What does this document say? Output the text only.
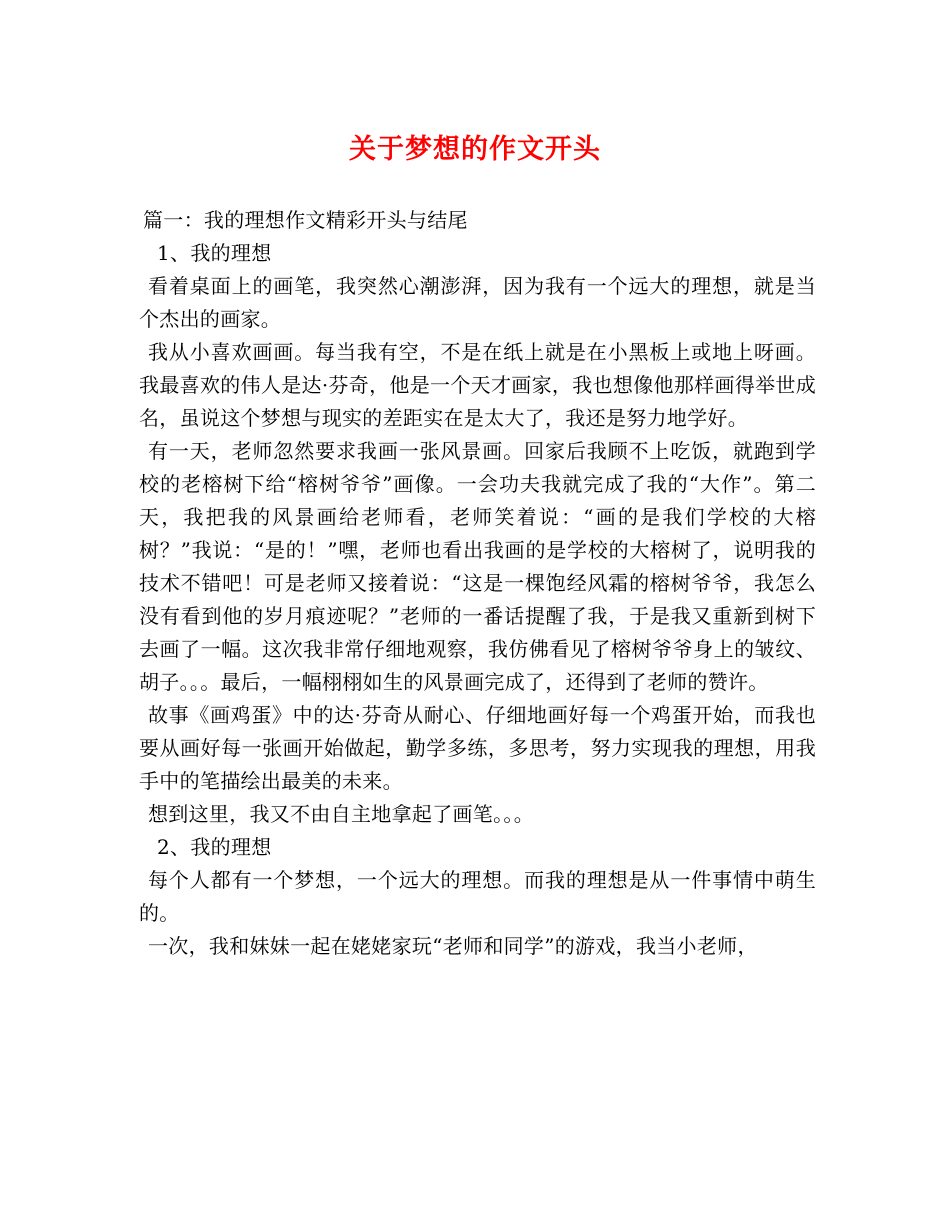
关于梦想的作文开头

篇一：我的理想作文精彩开头与结尾

1、我的理想

看着桌面上的画笔，我突然心潮澎湃，因为我有一个远大的理想，就是当个杰出的画家。

我从小喜欢画画。每当我有空，不是在纸上就是在小黑板上或地上呀画。我最喜欢的伟人是达·芬奇，他是一个天才画家，我也想像他那样画得举世成名，虽说这个梦想与现实的差距实在是太大了，我还是努力地学好。

有一天，老师忽然要求我画一张风景画。回家后我顾不上吃饭，就跑到学校的老榕树下给“榕树爷爷”画像。一会功夫我就完成了我的“大作”。第二天，我把我的风景画给老师看，老师笑着说：“画的是我们学校的大榕树？”我说：“是的！”嘿，老师也看出我画的是学校的大榕树了，说明我的技术不错吧！可是老师又接着说：“这是一棵饱经风霜的榕树爷爷，我怎么没有看到他的岁月痕迹呢？”老师的一番话提醒了我，于是我又重新到树下去画了一幅。这次我非常仔细地观察，我仿佛看见了榕树爷爷身上的皱纹、胡子。。。最后，一幅栩栩如生的风景画完成了，还得到了老师的赞许。

故事《画鸡蛋》中的达·芬奇从耐心、仔细地画好每一个鸡蛋开始，而我也要从画好每一张画开始做起，勤学多练，多思考，努力实现我的理想，用我手中的笔描绘出最美的未来。

想到这里，我又不由自主地拿起了画笔。。。

2、我的理想

每个人都有一个梦想，一个远大的理想。而我的理想是从一件事情中萌生的。

一次，我和妹妹一起在姥姥家玩“老师和同学”的游戏，我当小老师，
